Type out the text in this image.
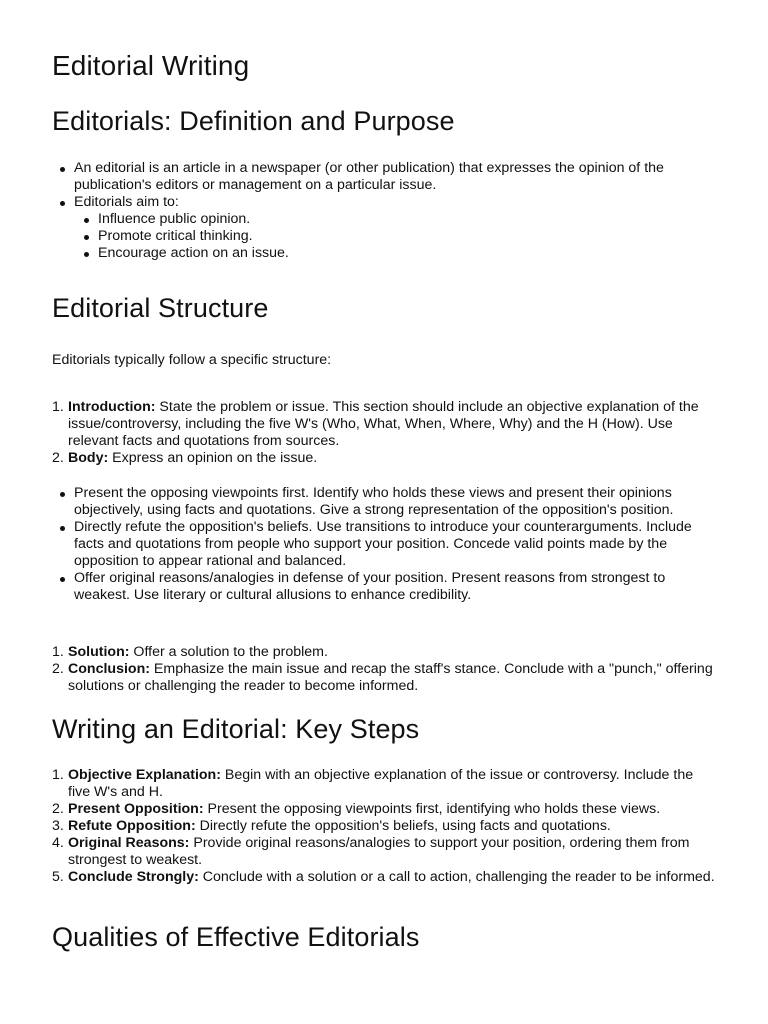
Editorial Writing
Editorials: Definition and Purpose
An editorial is an article in a newspaper (or other publication) that expresses the opinion of the publication's editors or management on a particular issue.
Editorials aim to:
Influence public opinion.
Promote critical thinking.
Encourage action on an issue.
Editorial Structure

Editorials typically follow a specific structure:

1. Introduction: State the problem or issue. This section should include an objective explanation of the issue/controversy, including the five W's (Who, What, When, Where, Why) and the H (How). Use relevant facts and quotations from sources.
2. Body: Express an opinion on the issue.
Present the opposing viewpoints first. Identify who holds these views and present their opinions objectively, using facts and quotations. Give a strong representation of the opposition's position.
Directly refute the opposition's beliefs. Use transitions to introduce your counterarguments. Include facts and quotations from people who support your position. Concede valid points made by the opposition to appear rational and balanced.
Offer original reasons/analogies in defense of your position. Present reasons from strongest to weakest. Use literary or cultural allusions to enhance credibility.
1. Solution: Offer a solution to the problem.
2. Conclusion: Emphasize the main issue and recap the staff's stance. Conclude with a "punch," offering solutions or challenging the reader to become informed.
Writing an Editorial: Key Steps
1. Objective Explanation: Begin with an objective explanation of the issue or controversy. Include the five W's and H.
2. Present Opposition: Present the opposing viewpoints first, identifying who holds these views.
3. Refute Opposition: Directly refute the opposition's beliefs, using facts and quotations.
4. Original Reasons: Provide original reasons/analogies to support your position, ordering them from strongest to weakest.
5. Conclude Strongly: Conclude with a solution or a call to action, challenging the reader to be informed.
Qualities of Effective Editorials
